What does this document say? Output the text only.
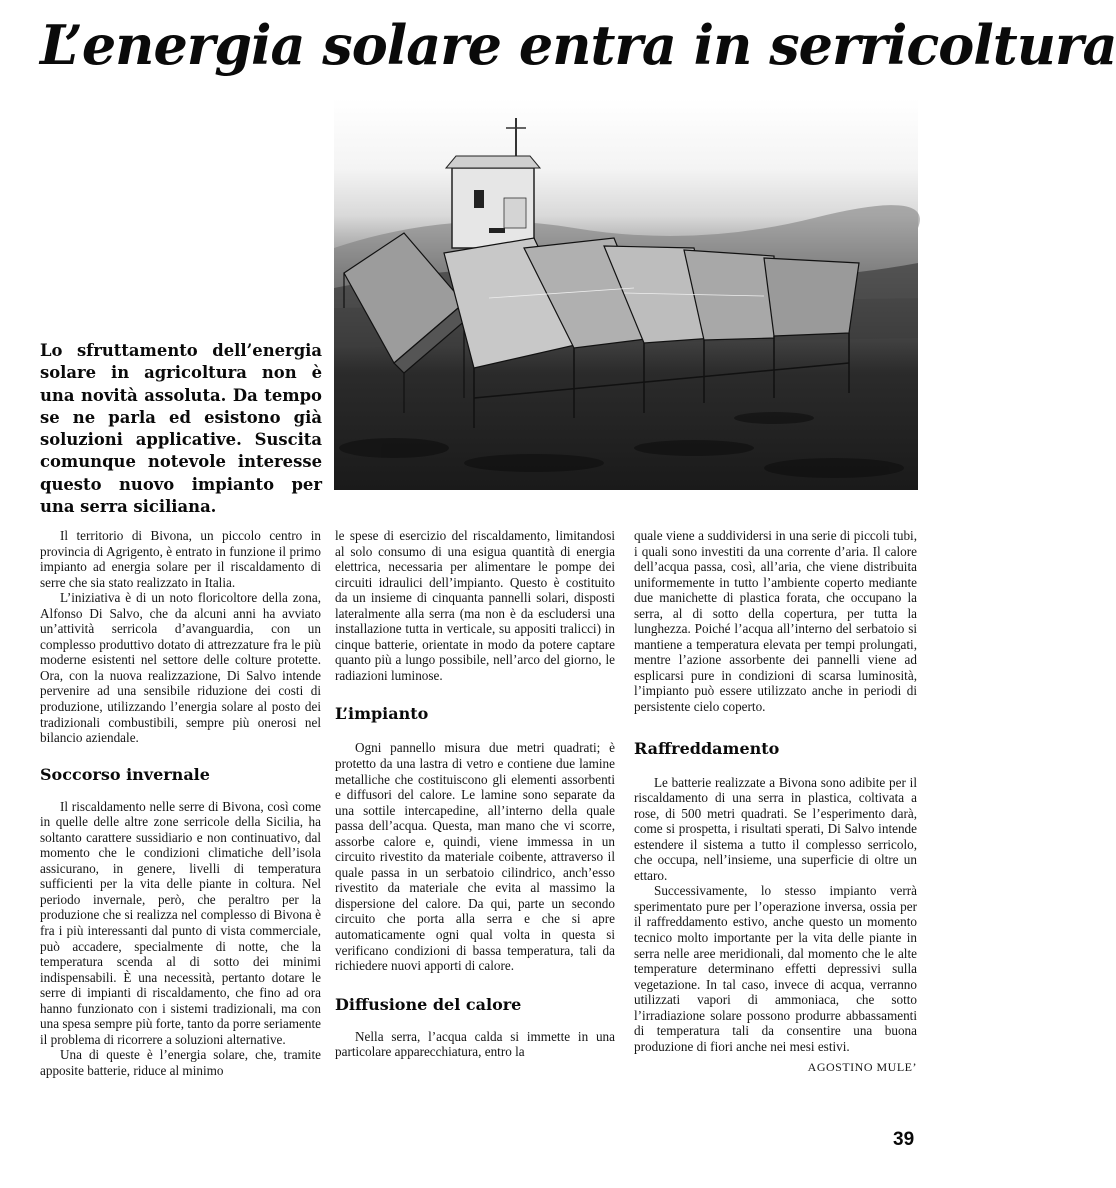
L’energia solare entra in serricoltura
Lo sfruttamento dell’energia solare in agricoltura non è una novità assoluta. Da tempo se ne parla ed esistono già soluzioni applicative. Suscita comunque notevole interesse questo nuovo impianto per una serra siciliana.

Il territorio di Bivona, un piccolo centro in provincia di Agrigento, è entrato in funzione il primo impianto ad energia solare per il riscaldamento di serre che sia stato realizzato in Italia.

L’iniziativa è di un noto floricoltore della zona, Alfonso Di Salvo, che da alcuni anni ha avviato un’attività serricola d’avanguardia, con un complesso produttivo dotato di attrezzature fra le più moderne esistenti nel settore delle colture protette. Ora, con la nuova realizzazione, Di Salvo intende pervenire ad una sensibile riduzione dei costi di produzione, utilizzando l’energia solare al posto dei tradizionali combustibili, sempre più onerosi nel bilancio aziendale.

Soccorso invernale

Il riscaldamento nelle serre di Bivona, così come in quelle delle altre zone serricole della Sicilia, ha soltanto carattere sussidiario e non continuativo, dal momento che le condizioni climatiche dell’isola assicurano, in genere, livelli di temperatura sufficienti per la vita delle piante in coltura. Nel periodo invernale, però, che peraltro per la produzione che si realizza nel complesso di Bivona è fra i più interessanti dal punto di vista commerciale, può accadere, specialmente di notte, che la temperatura scenda al di sotto dei minimi indispensabili. È una necessità, pertanto dotare le serre di impianti di riscaldamento, che fino ad ora hanno funzionato con i sistemi tradizionali, ma con una spesa sempre più forte, tanto da porre seriamente il problema di ricorrere a soluzioni alternative.

Una di queste è l’energia solare, che, tramite apposite batterie, riduce al minimo

le spese di esercizio del riscaldamento, limitandosi al solo consumo di una esigua quantità di energia elettrica, necessaria per alimentare le pompe dei circuiti idraulici dell’impianto. Questo è costituito da un insieme di cinquanta pannelli solari, disposti lateralmente alla serra (ma non è da escludersi una installazione tutta in verticale, su appositi tralicci) in cinque batterie, orientate in modo da potere captare quanto più a lungo possibile, nell’arco del giorno, le radiazioni luminose.

L’impianto

Ogni pannello misura due metri quadrati; è protetto da una lastra di vetro e contiene due lamine metalliche che costituiscono gli elementi assorbenti e diffusori del calore. Le lamine sono separate da una sottile intercapedine, all’interno della quale passa dell’acqua. Questa, man mano che vi scorre, assorbe calore e, quindi, viene immessa in un circuito rivestito da materiale coibente, attraverso il quale passa in un serbatoio cilindrico, anch’esso rivestito da materiale che evita al massimo la dispersione del calore. Da qui, parte un secondo circuito che porta alla serra e che si apre automaticamente ogni qual volta in questa si verificano condizioni di bassa temperatura, tali da richiedere nuovi apporti di calore.

Diffusione del calore

Nella serra, l’acqua calda si immette in una particolare apparecchiatura, entro la

quale viene a suddividersi in una serie di piccoli tubi, i quali sono investiti da una corrente d’aria. Il calore dell’acqua passa, così, all’aria, che viene distribuita uniformemente in tutto l’ambiente coperto mediante due manichette di plastica forata, che occupano la serra, al di sotto della copertura, per tutta la lunghezza. Poiché l’acqua all’interno del serbatoio si mantiene a temperatura elevata per tempi prolungati, mentre l’azione assorbente dei pannelli viene ad esplicarsi pure in condizioni di scarsa luminosità, l’impianto può essere utilizzato anche in periodi di persistente cielo coperto.

Raffreddamento

Le batterie realizzate a Bivona sono adibite per il riscaldamento di una serra in plastica, coltivata a rose, di 500 metri quadrati. Se l’esperimento darà, come si prospetta, i risultati sperati, Di Salvo intende estendere il sistema a tutto il complesso serricolo, che occupa, nell’insieme, una superficie di oltre un ettaro.

Successivamente, lo stesso impianto verrà sperimentato pure per l’operazione inversa, ossia per il raffreddamento estivo, anche questo un momento tecnico molto importante per la vita delle piante in serra nelle aree meridionali, dal momento che le alte temperature determinano effetti depressivi sulla vegetazione. In tal caso, invece di acqua, verranno utilizzati vapori di ammoniaca, che sotto l’irradiazione solare possono produrre abbassamenti di temperatura tali da consentire una buona produzione di fiori anche nei mesi estivi.

AGOSTINO MULE’
39
